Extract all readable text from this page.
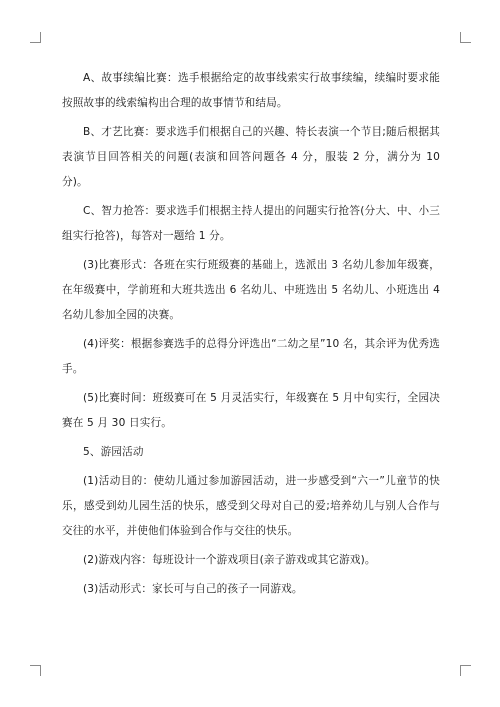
A、故事续编比赛：选手根据给定的故事线索实行故事续编，续编时要求能按照故事的线索编构出合理的故事情节和结局。

B、才艺比赛：要求选手们根据自己的兴趣、特长表演一个节目;随后根据其表演节目回答相关的问题(表演和回答问题各 4 分，服装 2 分，满分为 10 分)。

C、智力抢答：要求选手们根据主持人提出的问题实行抢答(分大、中、小三组实行抢答)，每答对一题给 1 分。

(3)比赛形式：各班在实行班级赛的基础上，选派出 3 名幼儿参加年级赛，在年级赛中，学前班和大班共选出 6 名幼儿、中班选出 5 名幼儿、小班选出 4 名幼儿参加全园的决赛。

(4)评奖：根据参赛选手的总得分评选出“二幼之星”10 名，其余评为优秀选手。

(5)比赛时间：班级赛可在 5 月灵活实行，年级赛在 5 月中旬实行，全园决赛在 5 月 30 日实行。

5、游园活动

(1)活动目的：使幼儿通过参加游园活动，进一步感受到“六一”儿童节的快乐，感受到幼儿园生活的快乐，感受到父母对自己的爱;培养幼儿与别人合作与交往的水平，并使他们体验到合作与交往的快乐。

(2)游戏内容：每班设计一个游戏项目(亲子游戏或其它游戏)。

(3)活动形式：家长可与自己的孩子一同游戏。
